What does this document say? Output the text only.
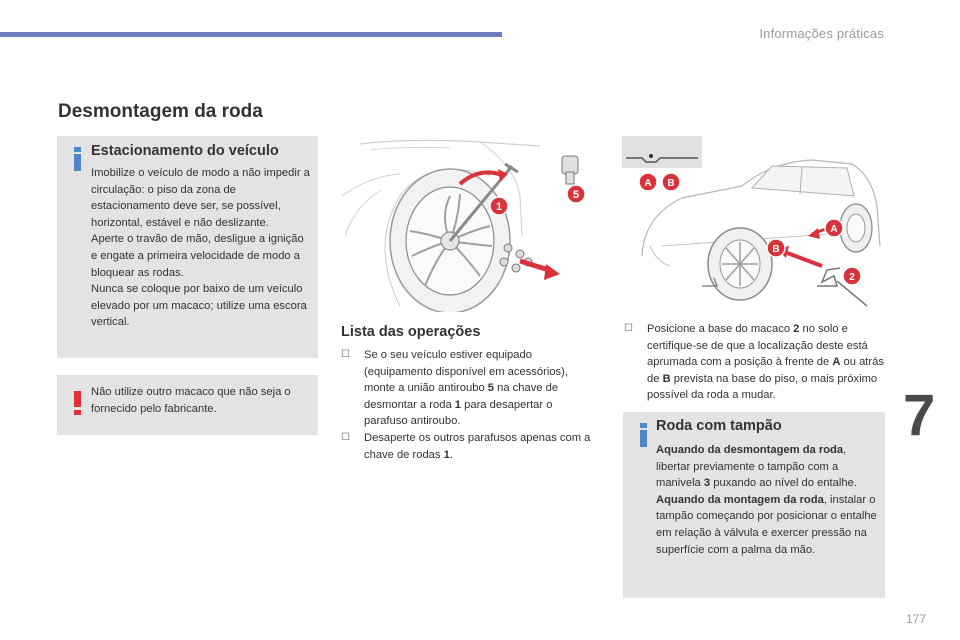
Informações práticas
Desmontagem da roda
Estacionamento do veículo

Imobilize o veículo de modo a não impedir a circulação: o piso da zona de estacionamento deve ser, se possível, horizontal, estável e não deslizante.

Aperte o travão de mão, desligue a ignição e engate a primeira velocidade de modo a bloquear as rodas.

Nunca se coloque por baixo de um veículo elevado por um macaco; utilize uma escora vertical.

Não utilize outro macaco que não seja o fornecido pelo fabricante.
5
1
A B
A
B
2
Lista das operações
☐ Se o seu veículo estiver equipado (equipamento disponível em acessórios), monte a união antiroubo 5 na chave de desmontar a roda 1 para desapertar o parafuso antiroubo.
☐ Desaperte os outros parafusos apenas com a chave de rodas 1.
☐ Posicione a base do macaco 2 no solo e certifique-se de que a localização deste está aprumada com a posição à frente de A ou atrás de B prevista na base do piso, o mais próximo possível da roda a mudar.
Roda com tampão

Aquando da desmontagem da roda, libertar previamente o tampão com a manivela 3 puxando ao nível do entalhe.

Aquando da montagem da roda, instalar o tampão começando por posicionar o entalhe em relação à válvula e exercer pressão na superfície com a palma da mão.

7
177
